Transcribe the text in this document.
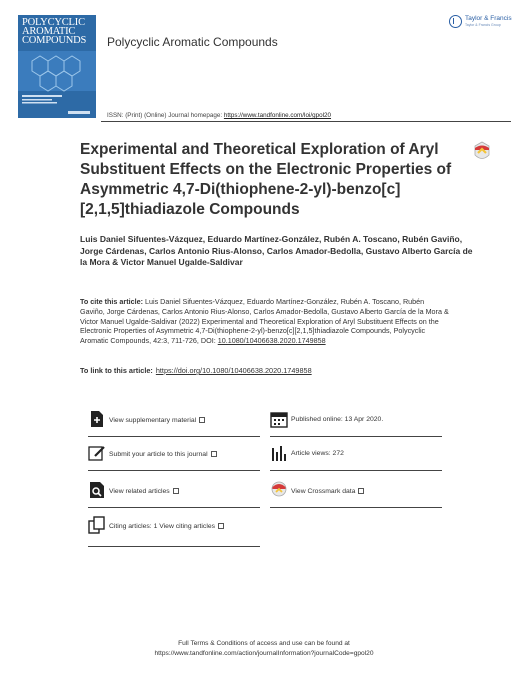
POLYCYCLIC
AROMATIC
COMPOUNDS Polycyclic Aromatic Compounds
Taylor & Francis
Taylor & Francis Group
ISSN: (Print) (Online) Journal homepage: https://www.tandfonline.com/loi/gpol20
Experimental and Theoretical Exploration of Aryl Substituent Effects on the Electronic Properties of Asymmetric 4,7-Di(thiophene-2-yl)-benzo[c][2,1,5]thiadiazole Compounds

Luis Daniel Sifuentes-Vázquez, Eduardo Martínez-González, Rubén A. Toscano, Rubén Gaviño, Jorge Cárdenas, Carlos Antonio Rius-Alonso, Carlos Amador-Bedolla, Gustavo Alberto García de la Mora & Victor Manuel Ugalde-Saldivar

To cite this article: Luis Daniel Sifuentes-Vázquez, Eduardo Martínez-González, Rubén A. Toscano, Rubén Gaviño, Jorge Cárdenas, Carlos Antonio Rius-Alonso, Carlos Amador-Bedolla, Gustavo Alberto García de la Mora & Victor Manuel Ugalde-Saldivar (2022) Experimental and Theoretical Exploration of Aryl Substituent Effects on the Electronic Properties of Asymmetric 4,7-Di(thiophene-2-yl)-benzo[c][2,1,5]thiadiazole Compounds, Polycyclic Aromatic Compounds, 42:3, 711-726, DOI: 10.1080/10406638.2020.1749858

To link to this article: https://doi.org/10.1080/10406638.2020.1749858
View supplementary material	Published online: 13 Apr 2020.
Submit your article to this journal	Article views: 272
View related articles	View Crossmark data
Citing articles: 1 View citing articles
Full Terms & Conditions of access and use can be found at
https://www.tandfonline.com/action/journalInformation?journalCode=gpol20
